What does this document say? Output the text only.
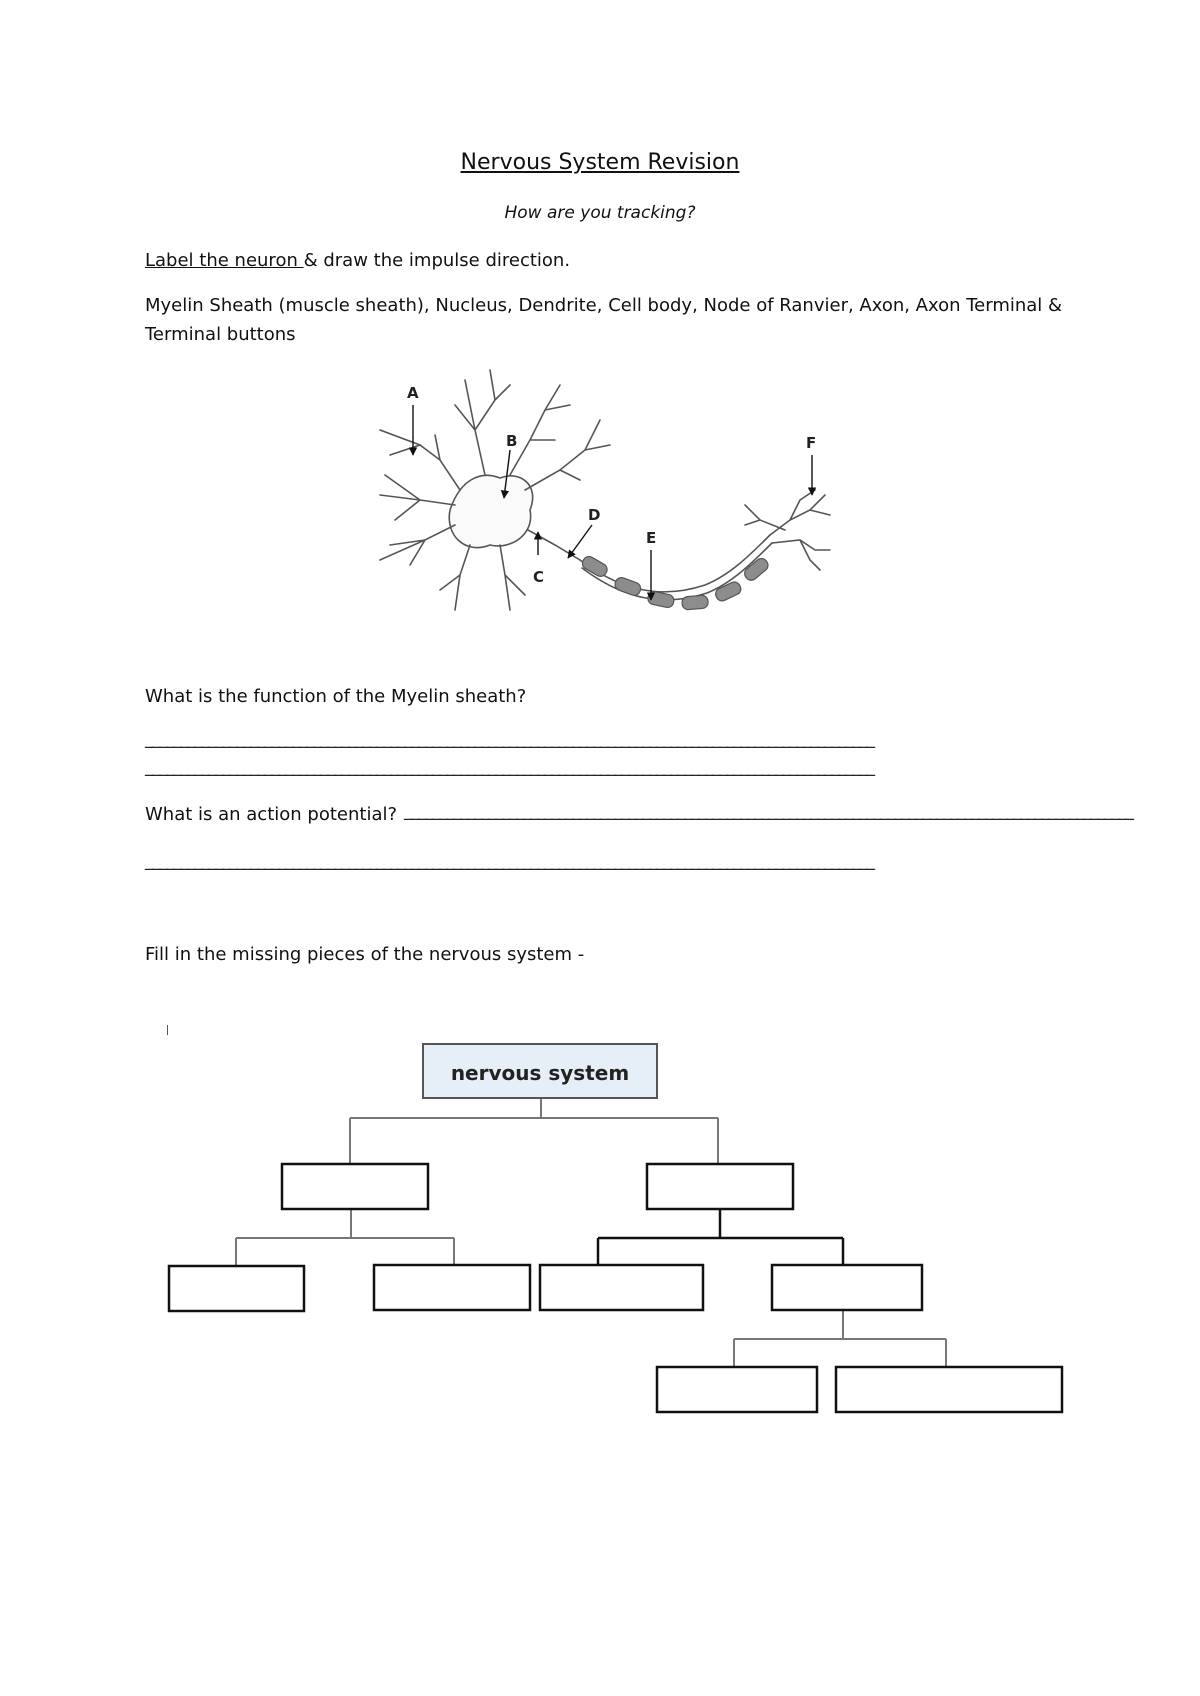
Nervous System Revision
How are you tracking?
Label the neuron & draw the impulse direction.
Myelin Sheath (muscle sheath), Nucleus, Dendrite, Cell body, Node of Ranvier, Axon, Axon Terminal &
Terminal buttons
A
B
C
D
E
F
What is the function of the Myelin sheath?
________________________________________________________________________________________________________
________________________________________________________________________________________________________
What is an action potential? ________________________________________________________________________________________________________
________________________________________________________________________________________________________
Fill in the missing pieces of the nervous system -
nervous system
